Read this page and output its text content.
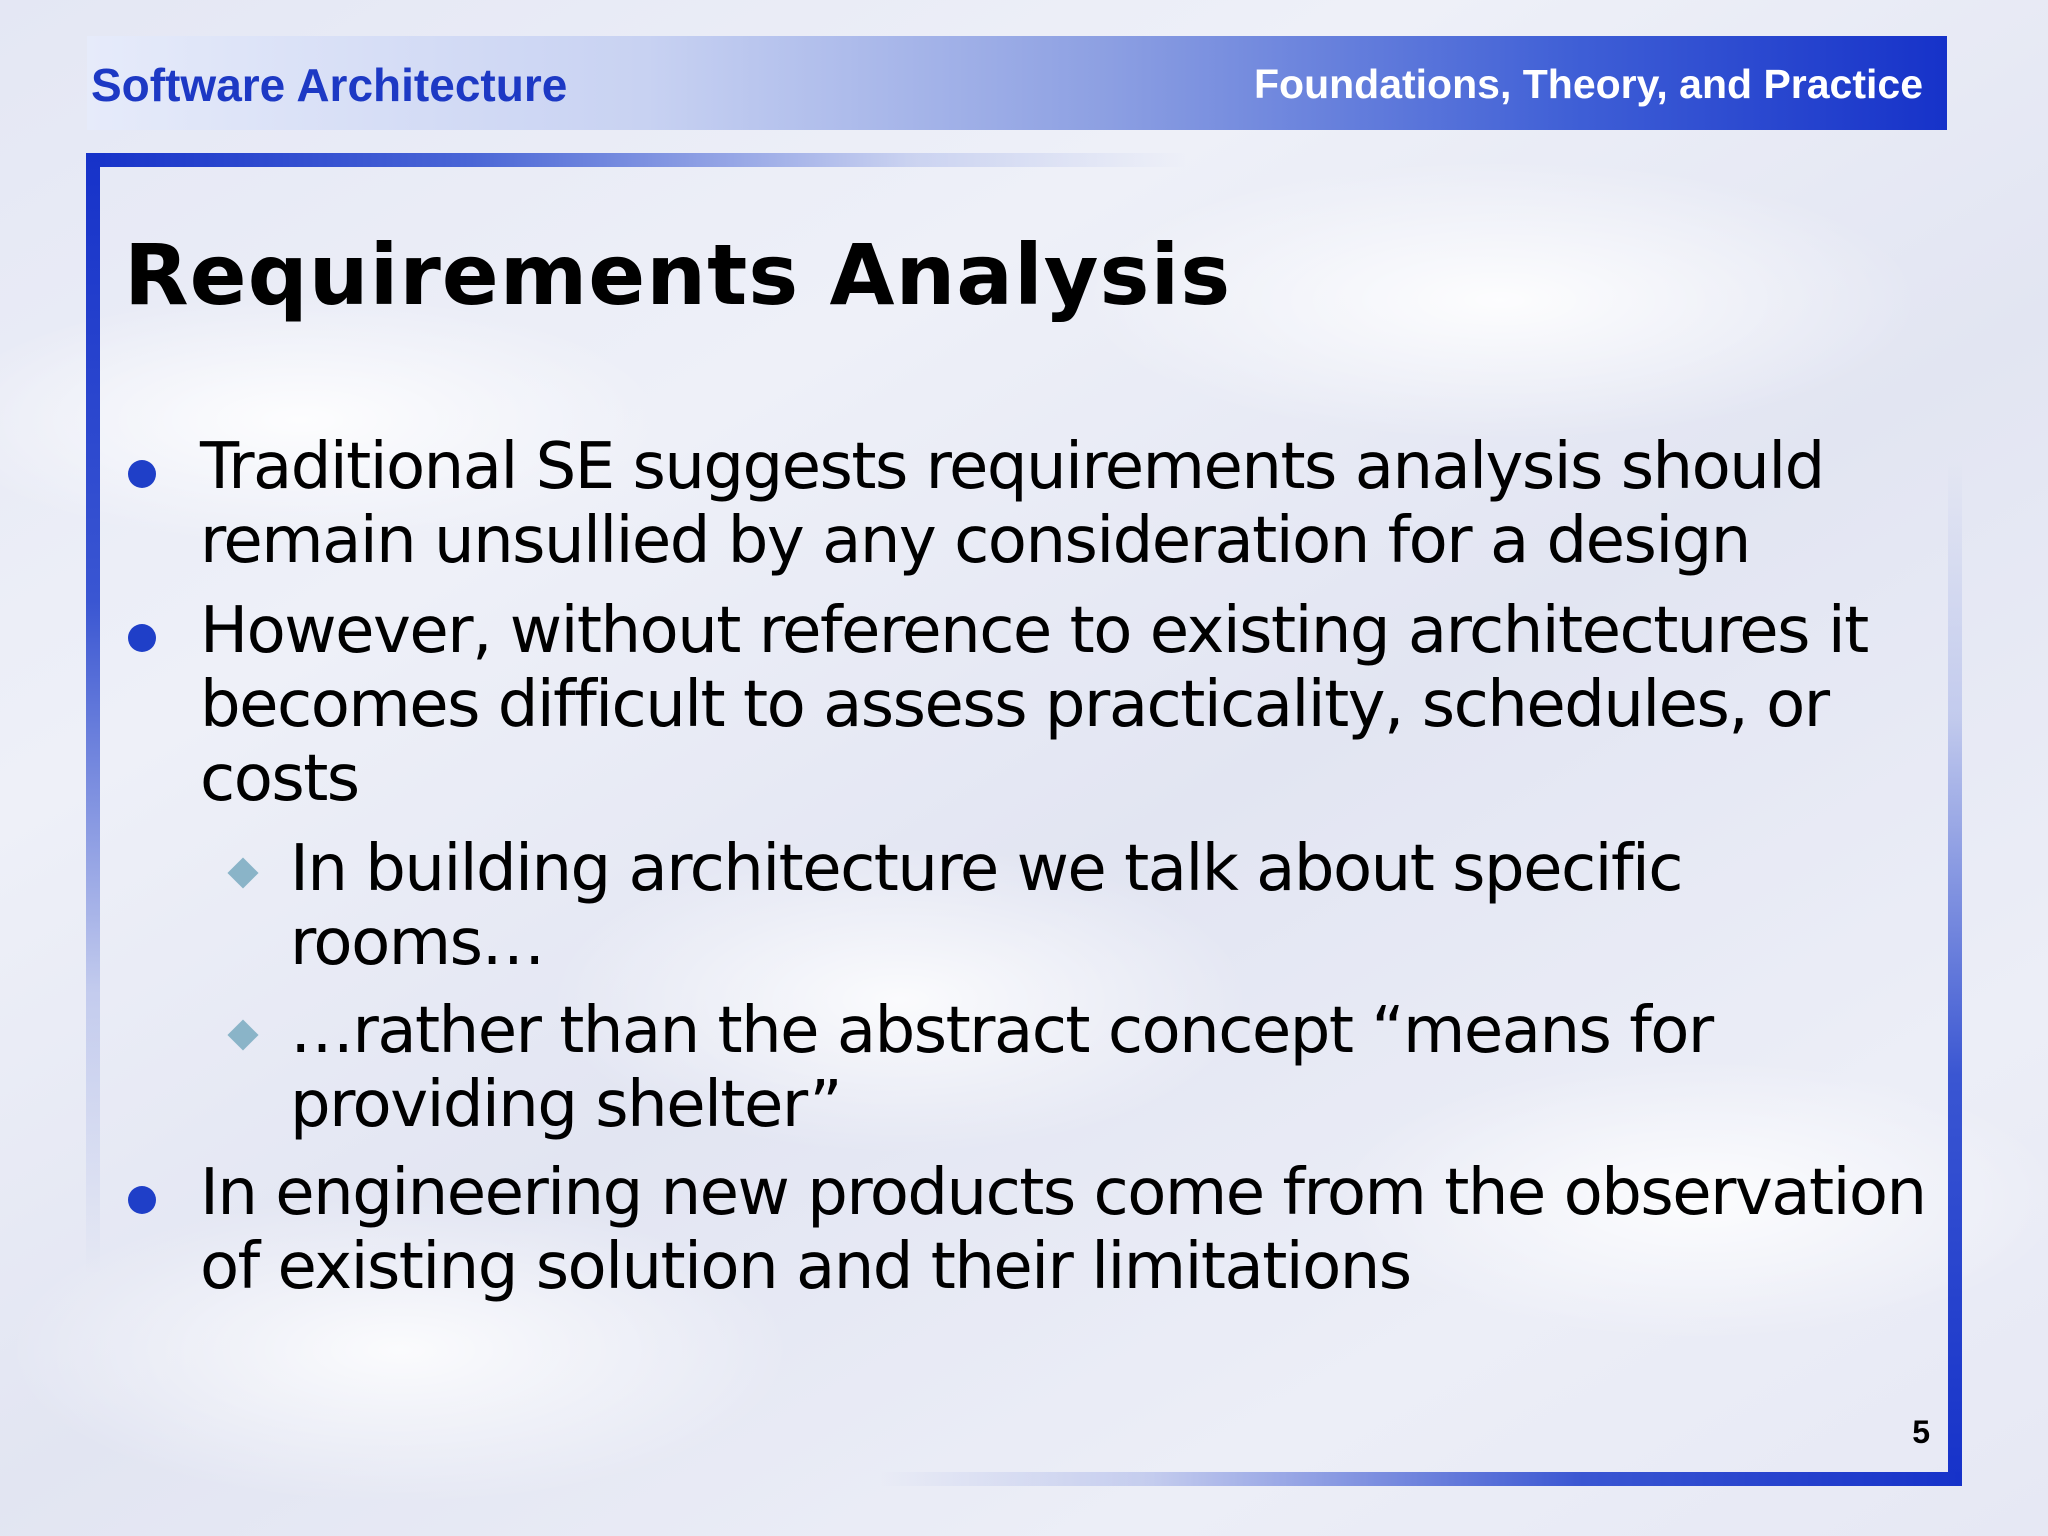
Software Architecture	Foundations, Theory, and Practice
Requirements Analysis
Traditional SE suggests requirements analysis should remain unsullied by any consideration for a design
However, without reference to existing architectures it becomes difficult to assess practicality, schedules, or costs
In building architecture we talk about specific rooms…
…rather than the abstract concept “means for providing shelter”
In engineering new products come from the observation of existing solution and their limitations
5
